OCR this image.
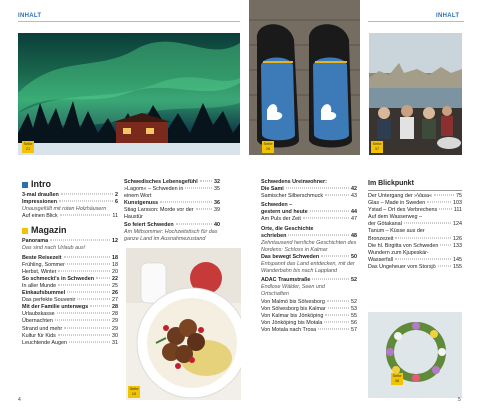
INHALT	INHALT
Seite
21
Seite
26
Seite
37
Intro
3-mal draußen	2
Impressionen	6
Unausgefüllt mit roten Holzhäusern
Auf einen Blick	11
Magazin
Panorama	12
Das sind nach Urlaub aus!
Beste Reisezeit	18
Frühling, Sommer	18
Herbst, Winter	20
So schmeckt's in Schweden	22
In aller Munde	25
Einkaufsbummel	26
Das perfekte Souvenir	27
Mit der Familie unterwegs	28
Urlaubskasse	28
Übernachten	29
Strand und mehr	29
Kultur für Kids	30
Leuchtende Augen	31
Schwedisches Lebensgefühl	32
»Lagom« – Schweden in	35
einem Wort
Kunstgenuss	36
Stiag Larsson: Morde vor der	39
Haustür
So feiert Schweden	40
Am Mittsommer: Hochzeitstisch für das
ganze Land im Ausnahmezustand
Seite
10
Schwedens Ureinwohner:
Die Sami	42
Samischer Silberschmuck	43
Schweden –
gestern und heute	44
Am Puls der Zeit	47
Orte, die Geschichte
schrieben	48
Zehntausend herrliche Geschichten des
Nordens: Schloss in Kalmar
Das bewegt Schweden	50
Entspannt das Land entdecken, mit der
Wanderbahn bis nach Lappland
ADAC Traumstraße	52
Endlose Wälder, Seen und
Ortschaften
Von Malmö bis Sölvesborg	52
Von Sölvesborg bis Kalmar	53
Von Kalmar bis Jönköping	55
Von Jönköping bis Motala	56
Von Motala nach Trosa	57
Im Blickpunkt
Der Untergang der »Vasa«	75
Glas – Made in Sweden	103
Ystad – Ort des Verbrechens	111
Auf dem Wasserweg –
der Götakanal	124
Tanum – Küsse aus der
Bronzezeit	126
Die hl. Birgitta von Schweden	133
Wundern zum Kjupeskär-
Wasserfall	145
Das Ungeheuer vom Storsjö	155
Seite
46
4	5
